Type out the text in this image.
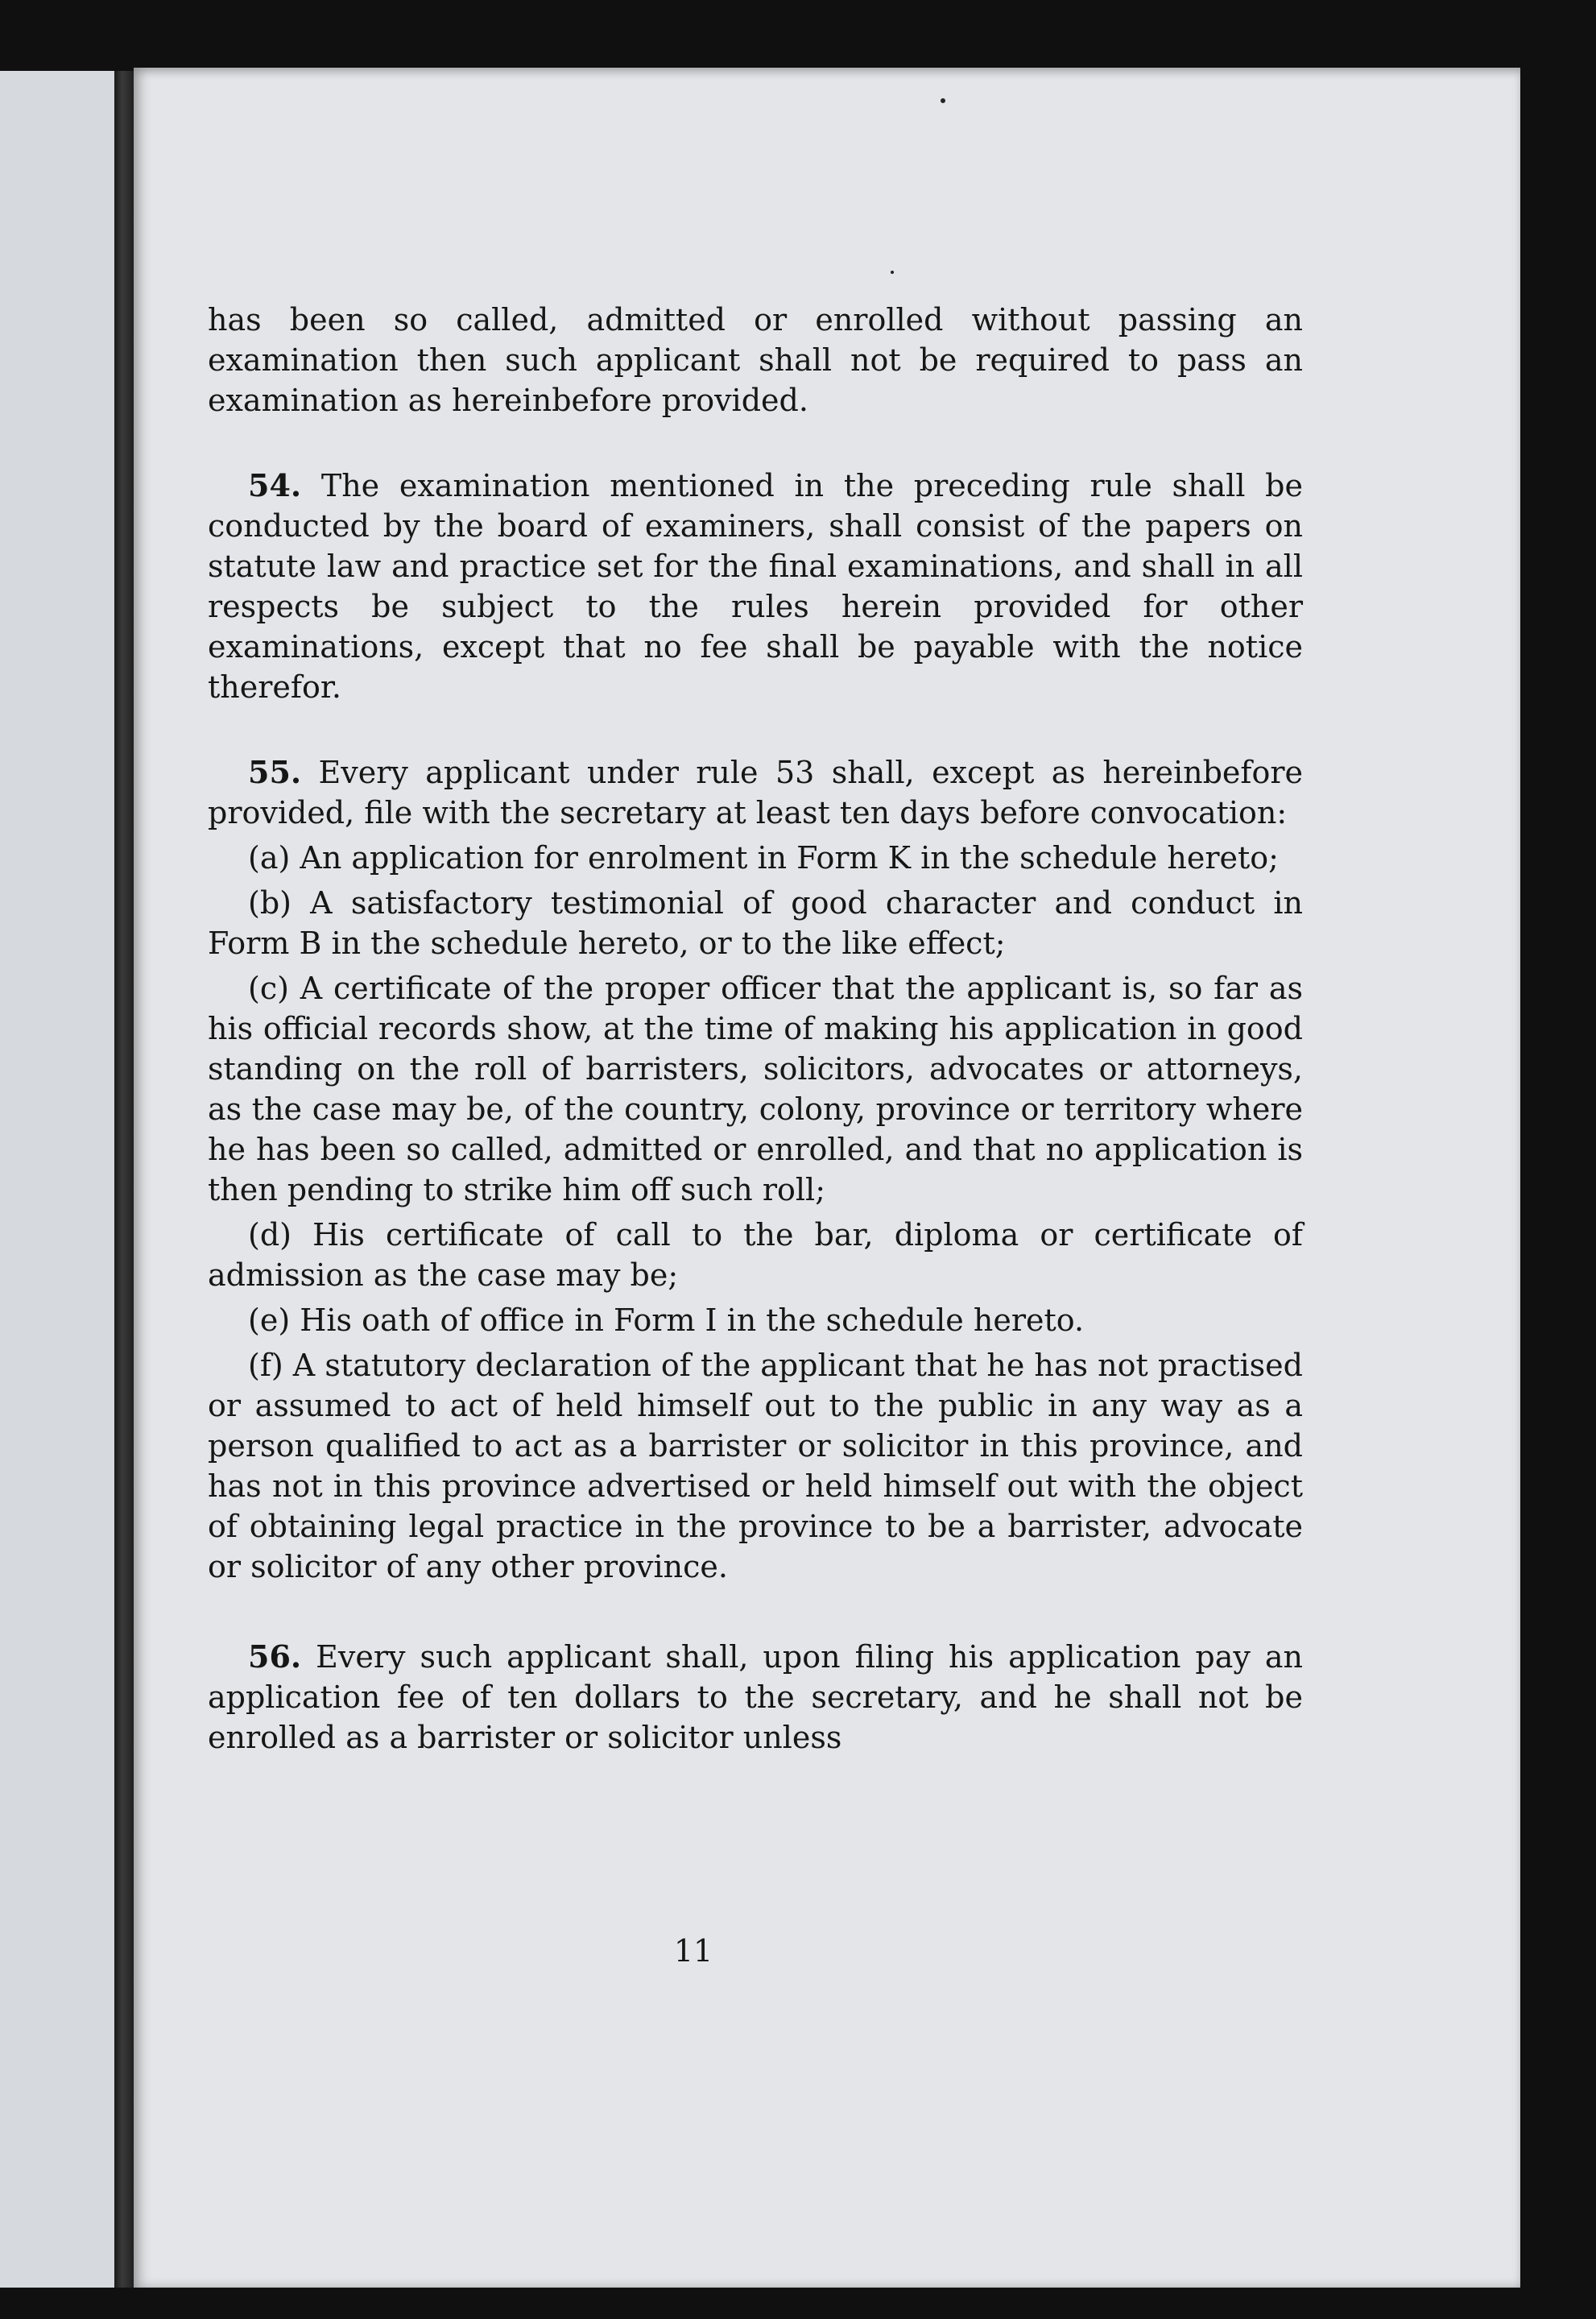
has been so called, admitted or enrolled without passing an examination then such applicant shall not be required to pass an examination as hereinbefore provided.

54. The examination mentioned in the preceding rule shall be conducted by the board of examiners, shall consist of the papers on statute law and practice set for the final examinations, and shall in all respects be subject to the rules herein provided for other examinations, except that no fee shall be payable with the notice therefor.

55. Every applicant under rule 53 shall, except as hereinbefore provided, file with the secretary at least ten days before convocation:

(a) An application for enrolment in Form K in the schedule hereto;

(b) A satisfactory testimonial of good character and conduct in Form B in the schedule hereto, or to the like effect;

(c) A certificate of the proper officer that the applicant is, so far as his official records show, at the time of making his application in good standing on the roll of barristers, solicitors, advocates or attorneys, as the case may be, of the country, colony, province or territory where he has been so called, admitted or enrolled, and that no application is then pending to strike him off such roll;

(d) His certificate of call to the bar, diploma or certificate of admission as the case may be;

(e) His oath of office in Form I in the schedule hereto.

(f) A statutory declaration of the applicant that he has not practised or assumed to act of held himself out to the public in any way as a person qualified to act as a barrister or solicitor in this province, and has not in this province advertised or held himself out with the object of obtaining legal practice in the province to be a barrister, advocate or solicitor of any other province.

56. Every such applicant shall, upon filing his application pay an application fee of ten dollars to the secretary, and he shall not be enrolled as a barrister or solicitor unless

11
